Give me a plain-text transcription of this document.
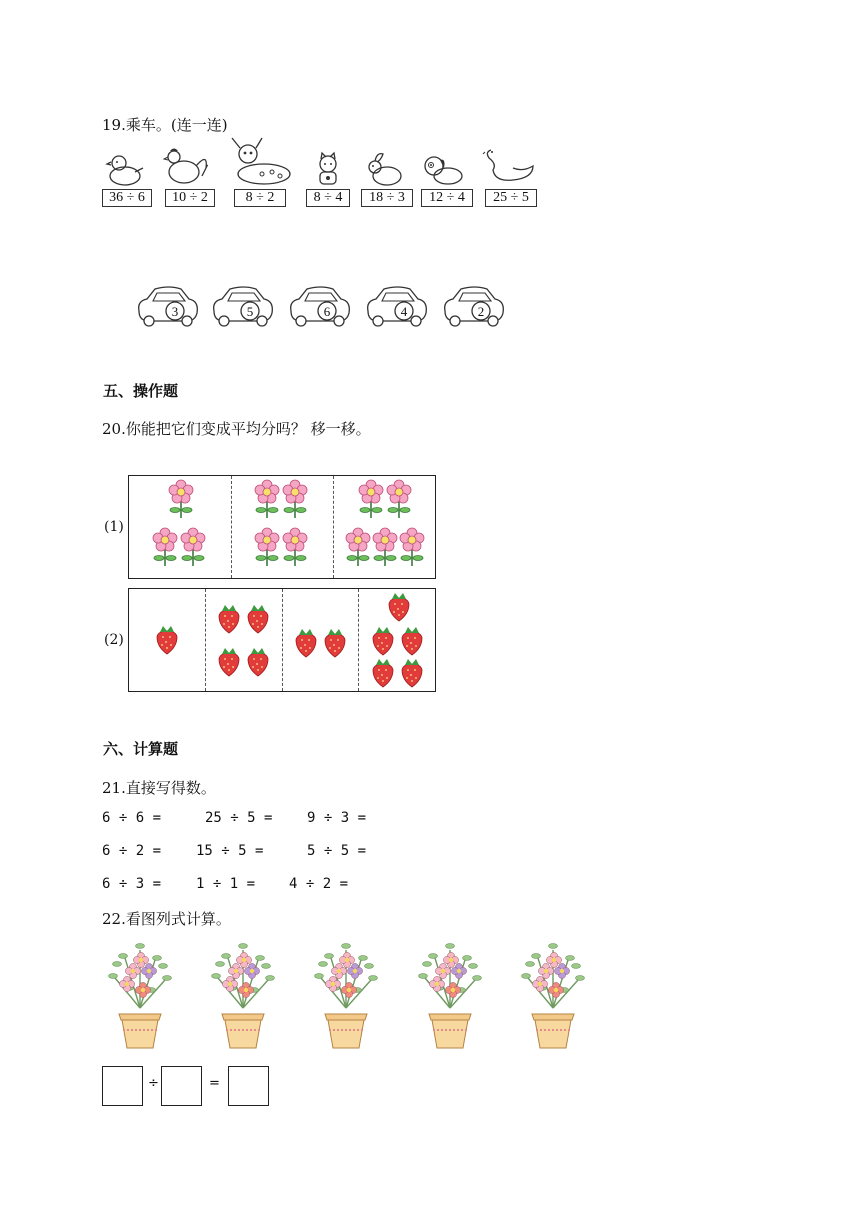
19.乘车。(连一连)
36 ÷ 6	10 ÷ 2	8 ÷ 2	8 ÷ 4	18 ÷ 3	12 ÷ 4	25 ÷ 5
3	5	6	4	2
五、操作题
20.你能把它们变成平均分吗？ 移一移。
(1)
(2)
六、计算题
21.直接写得数。
6 ÷ 6 =	25 ÷ 5 = 9 ÷ 3 =
6 ÷ 2 = 15 ÷ 5 =	5 ÷ 5 =
6 ÷ 3 = 1 ÷ 1 = 4 ÷ 2 =
22.看图列式计算。
÷	=
